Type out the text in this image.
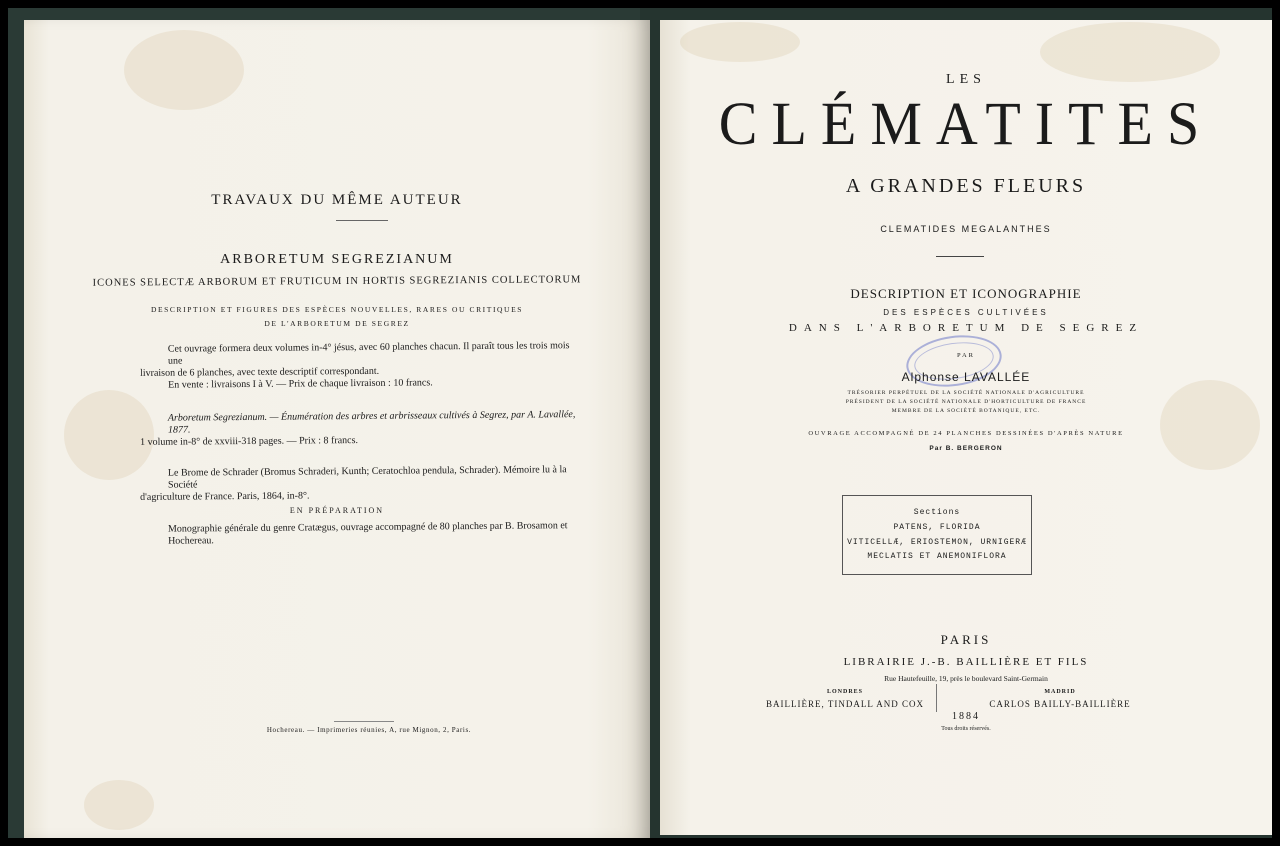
TRAVAUX DU MÊME AUTEUR
ARBORETUM SEGREZIANUM
ICONES SELECTÆ ARBORUM ET FRUTICUM IN HORTIS SEGREZIANIS COLLECTORUM
DESCRIPTION ET FIGURES DES ESPÈCES NOUVELLES, RARES OU CRITIQUES
DE L'ARBORETUM DE SEGREZ
Cet ouvrage formera deux volumes in-4° jésus, avec 60 planches chacun. Il paraît tous les trois mois une
livraison de 6 planches, avec texte descriptif correspondant.
En vente : livraisons I à V. — Prix de chaque livraison : 10 francs.
Arboretum Segrezianum. — Énumération des arbres et arbrisseaux cultivés à Segrez, par A. Lavallée, 1877.
1 volume in-8° de xxviii-318 pages. — Prix : 8 francs.
Le Brome de Schrader (Bromus Schraderi, Kunth; Ceratochloa pendula, Schrader). Mémoire lu à la Société
d'agriculture de France. Paris, 1864, in-8°.
EN PRÉPARATION
Monographie générale du genre Cratægus, ouvrage accompagné de 80 planches par B. Brosamon et Hochereau.
Hochereau. — Imprimeries réunies, A, rue Mignon, 2, Paris.
LES
CLÉMATITES
A GRANDES FLEURS
CLEMATIDES MEGALANTHES
DESCRIPTION ET ICONOGRAPHIE
DES ESPÈCES CULTIVÉES
DANS L'ARBORETUM DE SEGREZ

PAR
Alphonse LAVALLÉE
TRÉSORIER PERPÉTUEL DE LA SOCIÉTÉ NATIONALE D'AGRICULTURE
PRÉSIDENT DE LA SOCIÉTÉ NATIONALE D'HORTICULTURE DE FRANCE
MEMBRE DE LA SOCIÉTÉ BOTANIQUE, ETC.
OUVRAGE ACCOMPAGNÉ DE 24 PLANCHES DESSINÉES D'APRÈS NATURE
Par B. BERGERON
Sections
PATENS, FLORIDA
VITICELLÆ, ERIOSTEMON, URNIGERÆ
MECLATIS ET ANEMONIFLORA
PARIS
LIBRAIRIE J.-B. BAILLIÈRE ET FILS
Rue Hautefeuille, 19, près le boulevard Saint-Germain
LONDRES	MADRID
BAILLIÈRE, TINDALL AND COX	CARLOS BAILLY-BAILLIÈRE
1884
Tous droits réservés.
